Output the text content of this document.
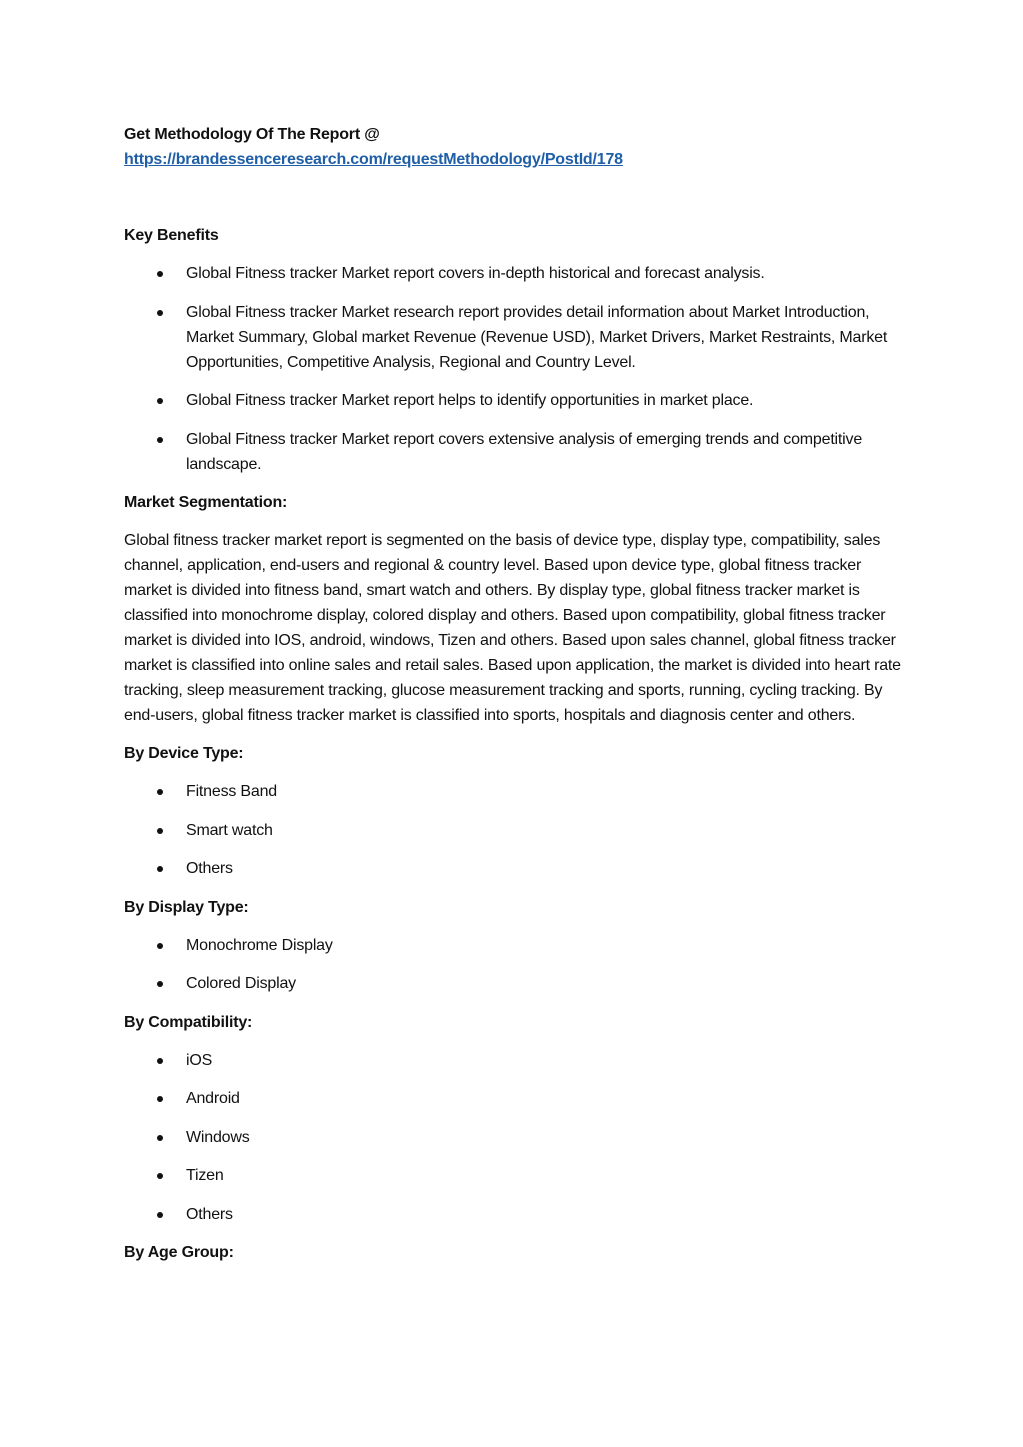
Get Methodology Of The Report @

https://brandessenceresearch.com/requestMethodology/PostId/178

Key Benefits

Global Fitness tracker Market report covers in-depth historical and forecast analysis.
Global Fitness tracker Market research report provides detail information about Market Introduction, Market Summary, Global market Revenue (Revenue USD), Market Drivers, Market Restraints, Market Opportunities, Competitive Analysis, Regional and Country Level.
Global Fitness tracker Market report helps to identify opportunities in market place.
Global Fitness tracker Market report covers extensive analysis of emerging trends and competitive landscape.

Market Segmentation:

Global fitness tracker market report is segmented on the basis of device type, display type, compatibility, sales channel, application, end-users and regional & country level. Based upon device type, global fitness tracker market is divided into fitness band, smart watch and others. By display type, global fitness tracker market is classified into monochrome display, colored display and others. Based upon compatibility, global fitness tracker market is divided into IOS, android, windows, Tizen and others. Based upon sales channel, global fitness tracker market is classified into online sales and retail sales. Based upon application, the market is divided into heart rate tracking, sleep measurement tracking, glucose measurement tracking and sports, running, cycling tracking. By end-users, global fitness tracker market is classified into sports, hospitals and diagnosis center and others.

By Device Type:

Fitness Band
Smart watch
Others

By Display Type:

Monochrome Display
Colored Display

By Compatibility:

iOS
Android
Windows
Tizen
Others

By Age Group:
